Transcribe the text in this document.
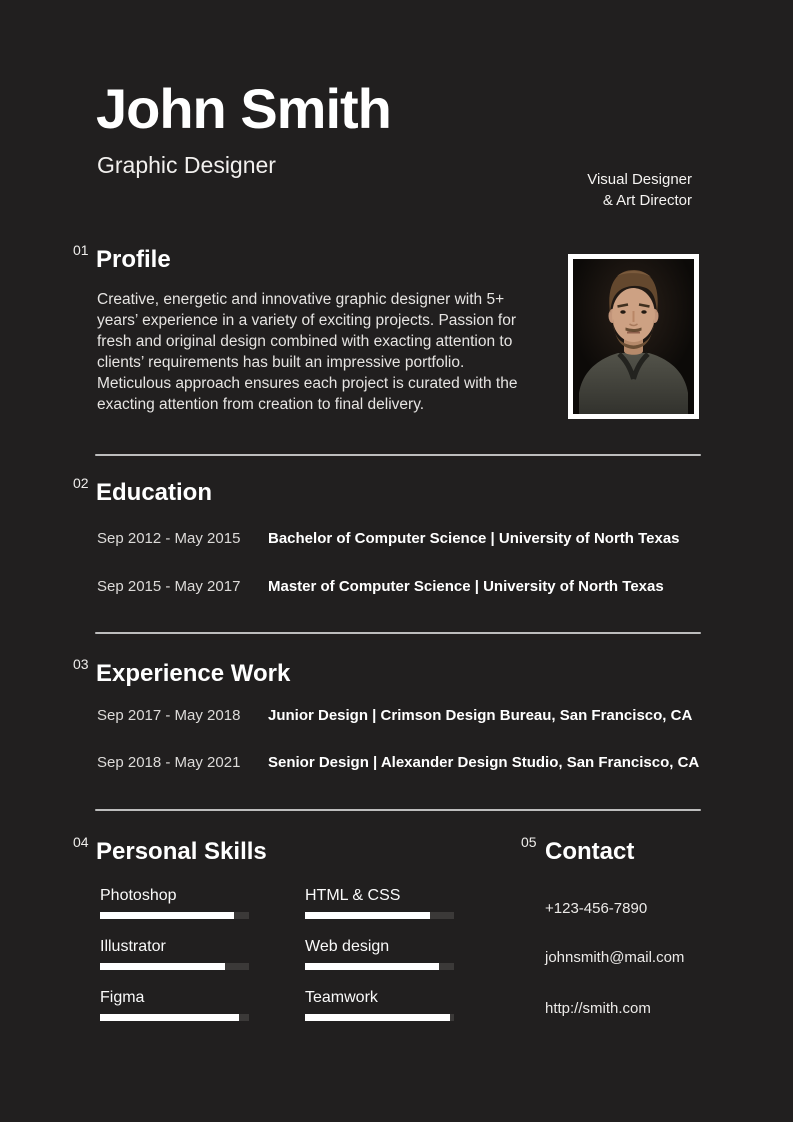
John Smith
Graphic Designer
Visual Designer
& Art Director
01 Profile
Creative, energetic and innovative graphic designer with 5+ years’ experience in a variety of exciting projects. Passion for fresh and original design combined with exacting attention to clients’ requirements has built an impressive portfolio. Meticulous approach ensures each project is curated with the exacting attention from creation to final delivery.
02 Education
Sep 2012 - May 2015	Bachelor of Computer Science | University of North Texas
Sep 2015 - May 2017	Master of Computer Science | University of North Texas
03 Experience Work
Sep 2017 - May 2018	Junior Design | Crimson Design Bureau, San Francisco, CA
Sep 2018 - May 2021	Senior Design | Alexander Design Studio, San Francisco, CA
04 Personal Skills
Photoshop
Illustrator
Figma
HTML & CSS
Web design
Teamwork
05 Contact
+123-456-7890
johnsmith@mail.com
http://smith.com
